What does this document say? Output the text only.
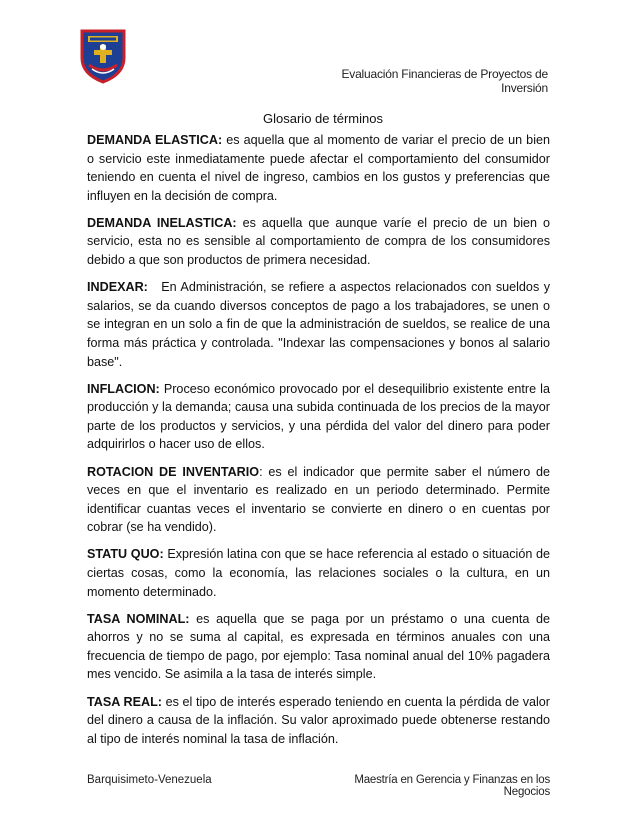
Evaluación Financieras de Proyectos de Inversión
Glosario de términos

DEMANDA ELASTICA: es aquella que al momento de variar el precio de un bien o servicio este inmediatamente puede afectar el comportamiento del consumidor teniendo en cuenta el nivel de ingreso, cambios en los gustos y preferencias que influyen en la decisión de compra.

DEMANDA INELASTICA: es aquella que aunque varíe el precio de un bien o servicio, esta no es sensible al comportamiento de compra de los consumidores debido a que son productos de primera necesidad.

INDEXAR:   En Administración, se refiere a aspectos relacionados con sueldos y salarios, se da cuando diversos conceptos de pago a los trabajadores, se unen o se integran en un solo a fin de que la administración de sueldos, se realice de una forma más práctica y controlada. "Indexar las compensaciones y bonos al salario base".

INFLACION: Proceso económico provocado por el desequilibrio existente entre la producción y la demanda; causa una subida continuada de los precios de la mayor parte de los productos y servicios, y una pérdida del valor del dinero para poder adquirirlos o hacer uso de ellos.

ROTACION DE INVENTARIO: es el indicador que permite saber el número de veces en que el inventario es realizado en un periodo determinado. Permite identificar cuantas veces el inventario se convierte en dinero o en cuentas por cobrar (se ha vendido).

STATU QUO: Expresión latina con que se hace referencia al estado o situación de ciertas cosas, como la economía, las relaciones sociales o la cultura, en un momento determinado.

TASA NOMINAL: es aquella que se paga por un préstamo o una cuenta de ahorros y no se suma al capital, es expresada en términos anuales con una frecuencia de tiempo de pago, por ejemplo: Tasa nominal anual del 10% pagadera mes vencido. Se asimila a la tasa de interés simple.

TASA REAL: es el tipo de interés esperado teniendo en cuenta la pérdida de valor del dinero a causa de la inflación. Su valor aproximado puede obtenerse restando al tipo de interés nominal la tasa de inflación.

Barquisimeto-Venezuela	Maestría en Gerencia y Finanzas en los Negocios
